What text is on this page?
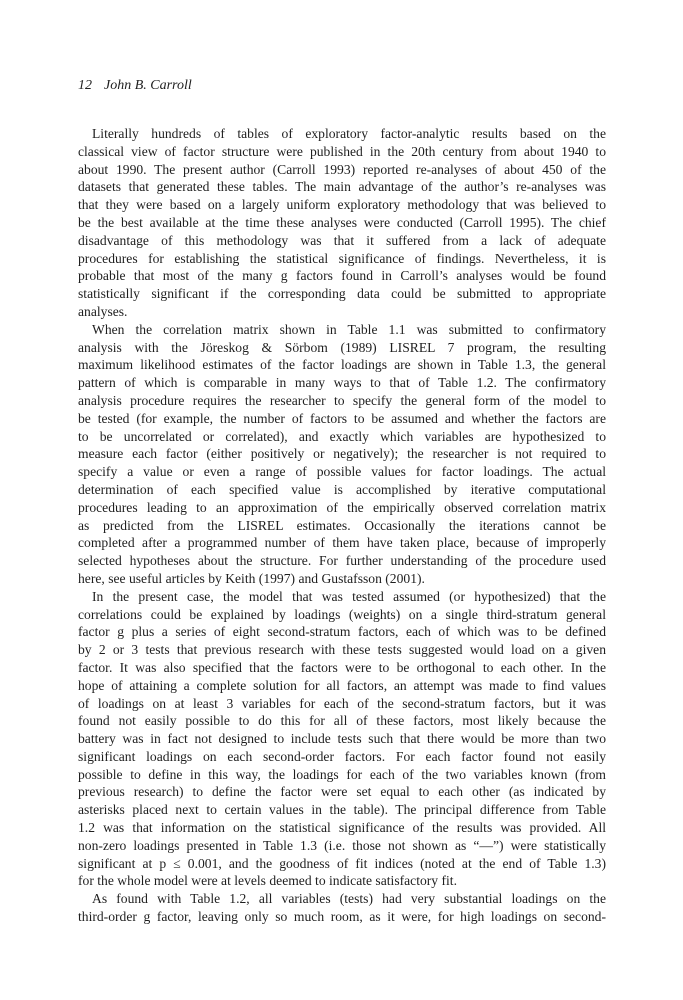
12 John B. Carroll
Literally hundreds of tables of exploratory factor-analytic results based on the
classical view of factor structure were published in the 20th century from about 1940 to
about 1990. The present author (Carroll 1993) reported re-analyses of about 450 of the
datasets that generated these tables. The main advantage of the author’s re-analyses was
that they were based on a largely uniform exploratory methodology that was believed to
be the best available at the time these analyses were conducted (Carroll 1995). The chief
disadvantage of this methodology was that it suffered from a lack of adequate
procedures for establishing the statistical significance of findings. Nevertheless, it is
probable that most of the many g factors found in Carroll’s analyses would be found
statistically significant if the corresponding data could be submitted to appropriate
analyses.
When the correlation matrix shown in Table 1.1 was submitted to confirmatory
analysis with the Jöreskog & Sörbom (1989) LISREL 7 program, the resulting
maximum likelihood estimates of the factor loadings are shown in Table 1.3, the general
pattern of which is comparable in many ways to that of Table 1.2. The confirmatory
analysis procedure requires the researcher to specify the general form of the model to
be tested (for example, the number of factors to be assumed and whether the factors are
to be uncorrelated or correlated), and exactly which variables are hypothesized to
measure each factor (either positively or negatively); the researcher is not required to
specify a value or even a range of possible values for factor loadings. The actual
determination of each specified value is accomplished by iterative computational
procedures leading to an approximation of the empirically observed correlation matrix
as predicted from the LISREL estimates. Occasionally the iterations cannot be
completed after a programmed number of them have taken place, because of improperly
selected hypotheses about the structure. For further understanding of the procedure used
here, see useful articles by Keith (1997) and Gustafsson (2001).
In the present case, the model that was tested assumed (or hypothesized) that the
correlations could be explained by loadings (weights) on a single third-stratum general
factor g plus a series of eight second-stratum factors, each of which was to be defined
by 2 or 3 tests that previous research with these tests suggested would load on a given
factor. It was also specified that the factors were to be orthogonal to each other. In the
hope of attaining a complete solution for all factors, an attempt was made to find values
of loadings on at least 3 variables for each of the second-stratum factors, but it was
found not easily possible to do this for all of these factors, most likely because the
battery was in fact not designed to include tests such that there would be more than two
significant loadings on each second-order factors. For each factor found not easily
possible to define in this way, the loadings for each of the two variables known (from
previous research) to define the factor were set equal to each other (as indicated by
asterisks placed next to certain values in the table). The principal difference from Table
1.2 was that information on the statistical significance of the results was provided. All
non-zero loadings presented in Table 1.3 (i.e. those not shown as “—”) were statistically
significant at p ≤ 0.001, and the goodness of fit indices (noted at the end of Table 1.3)
for the whole model were at levels deemed to indicate satisfactory fit.
As found with Table 1.2, all variables (tests) had very substantial loadings on the
third-order g factor, leaving only so much room, as it were, for high loadings on second-
